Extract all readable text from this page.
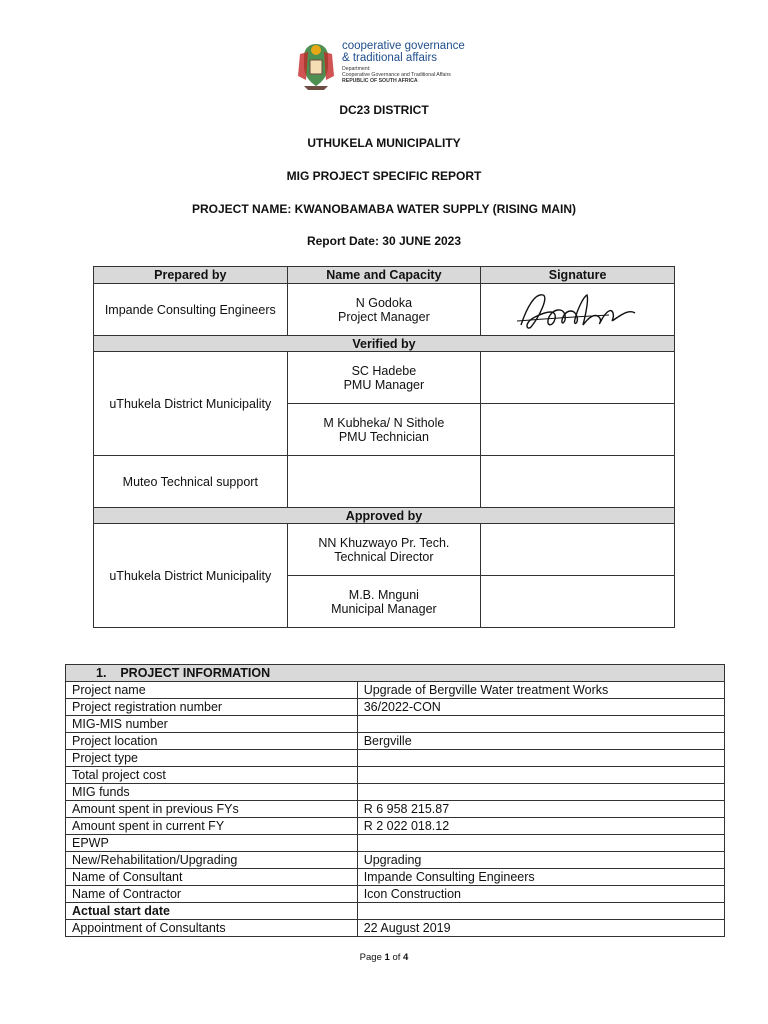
cooperative governance
& traditional affairs
Department:
Cooperative Governance and Traditional Affairs
REPUBLIC OF SOUTH AFRICA
DC23 DISTRICT
UTHUKELA MUNICIPALITY
MIG PROJECT SPECIFIC REPORT
PROJECT NAME: KWANOBAMABA WATER SUPPLY (RISING MAIN)
Report Date: 30 JUNE 2023
Prepared by	Name and Capacity	Signature
Impande Consulting Engineers	N Godoka
Project Manager

Verified by		
uThukela District Municipality	SC Hadebe
PMU Manager	

	M Kubheka/ N Sithole
PMU Technician	

Muteo Technical support		
Approved by		
uThukela District Municipality	NN Khuzwayo Pr. Tech.
Technical Director	

	M.B. Mnguni
Municipal Manager	

1. PROJECT INFORMATION	
Project name	Upgrade of Bergville Water treatment Works
Project registration number	36/2022-CON
MIG-MIS number	
Project location	Bergville
Project type	
Total project cost	
MIG funds	
Amount spent in previous FYs	R 6 958 215.87
Amount spent in current FY	R 2 022 018.12
EPWP	
New/Rehabilitation/Upgrading	Upgrading
Name of Consultant	Impande Consulting Engineers
Name of Contractor	Icon Construction
Actual start date	
Appointment of Consultants	22 August 2019
Page 1 of 4
